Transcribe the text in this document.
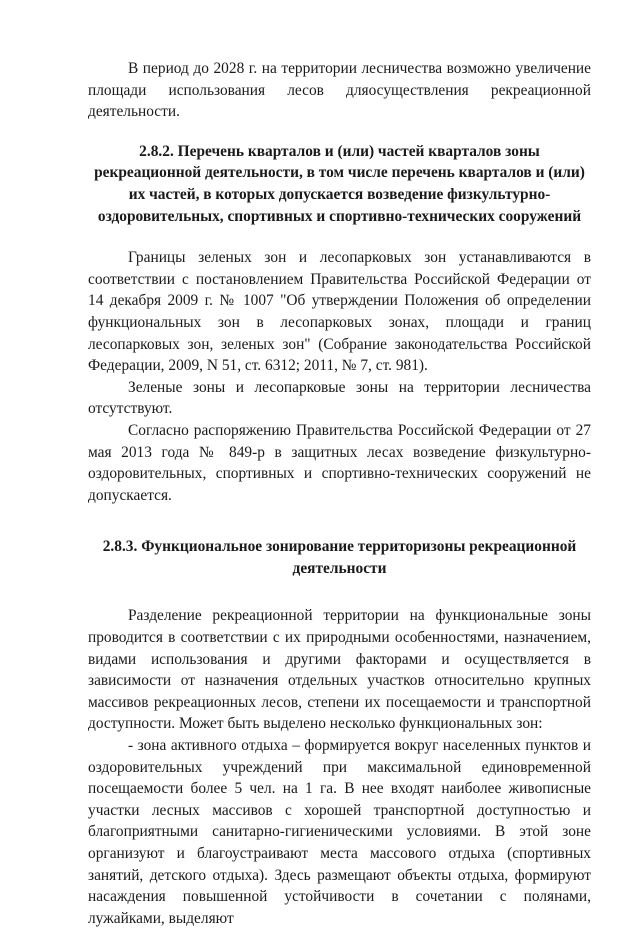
В период до 2028 г. на территории лесничества возможно увеличение площади использования лесов дляосуществления рекреационной деятельности.

2.8.2. Перечень кварталов и (или) частей кварталов зоны рекреационной деятельности, в том числе перечень кварталов и (или) их частей, в которых допускается возведение физкультурно-оздоровительных, спортивных и спортивно-технических сооружений

Границы зеленых зон и лесопарковых зон устанавливаются в соответствии с постановлением Правительства Российской Федерации от 14 декабря 2009 г. № 1007 "Об утверждении Положения об определении функциональных зон в лесопарковых зонах, площади и границ лесопарковых зон, зеленых зон" (Собрание законодательства Российской Федерации, 2009, N 51, ст. 6312; 2011, № 7, ст. 981).

Зеленые зоны и лесопарковые зоны на территории лесничества отсутствуют.

Согласно распоряжению Правительства Российской Федерации от 27 мая 2013 года № 849-р в защитных лесах возведение физкультурно-оздоровительных, спортивных и спортивно-технических сооружений не допускается.

2.8.3. Функциональное зонирование территоризоны рекреационной деятельности

Разделение рекреационной территории на функциональные зоны проводится в соответствии с их природными особенностями, назначением, видами использования и другими факторами и осуществляется в зависимости от назначения отдельных участков относительно крупных массивов рекреационных лесов, степени их посещаемости и транспортной доступности. Может быть выделено несколько функциональных зон:

- зона активного отдыха – формируется вокруг населенных пунктов и оздоровительных учреждений при максимальной единовременной посещаемости более 5 чел. на 1 га. В нее входят наиболее живописные участки лесных массивов с хорошей транспортной доступностью и благоприятными санитарно-гигиеническими условиями. В этой зоне организуют и благоустраивают места массового отдыха (спортивных занятий, детского отдыха). Здесь размещают объекты отдыха, формируют насаждения повышенной устойчивости в сочетании с полянами, лужайками, выделяют
